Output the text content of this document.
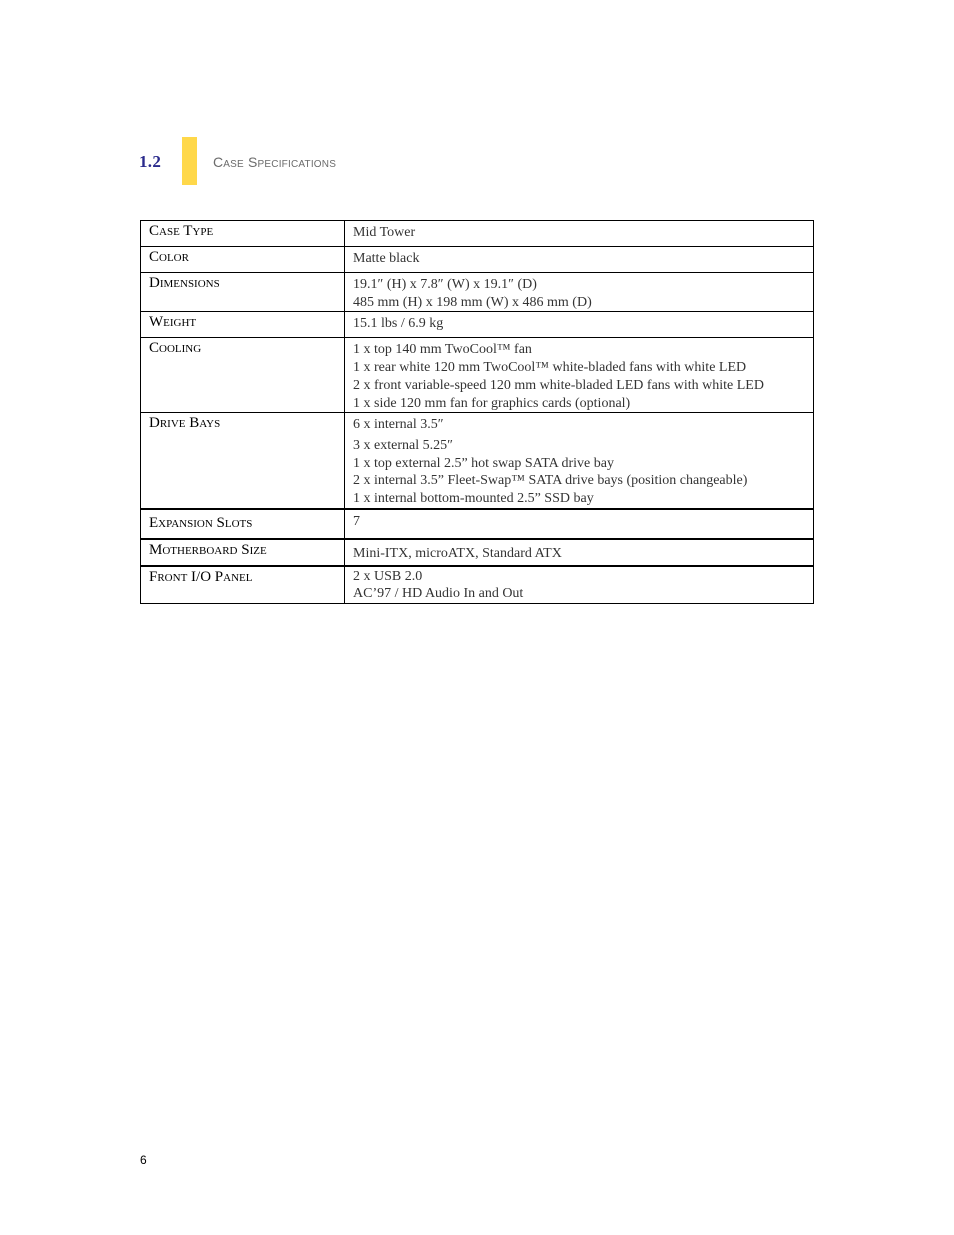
1.2	Case Specifications
Case Type	Mid Tower

Color	Matte black

Dimensions	19.1″ (H) x 7.8″ (W) x 19.1″ (D)
485 mm (H) x 198 mm (W) x 486 mm (D)

Weight	15.1 lbs / 6.9 kg

Cooling	1 x top 140 mm TwoCool™ fan
1 x rear white 120 mm TwoCool™ white-bladed fans with white LED
2 x front variable-speed 120 mm white-bladed LED fans with white LED
1 x side 120 mm fan for graphics cards (optional)

Drive Bays	6 x internal 3.5″
3 x external 5.25″
1 x top external 2.5” hot swap SATA drive bay
2 x internal 3.5” Fleet-Swap™ SATA drive bays (position changeable)
1 x internal bottom-mounted 2.5” SSD bay

Expansion Slots	7

Motherboard Size	Mini-ITX, microATX, Standard ATX

Front I/O Panel	2 x USB 2.0
AC’97 / HD Audio In and Out
6
